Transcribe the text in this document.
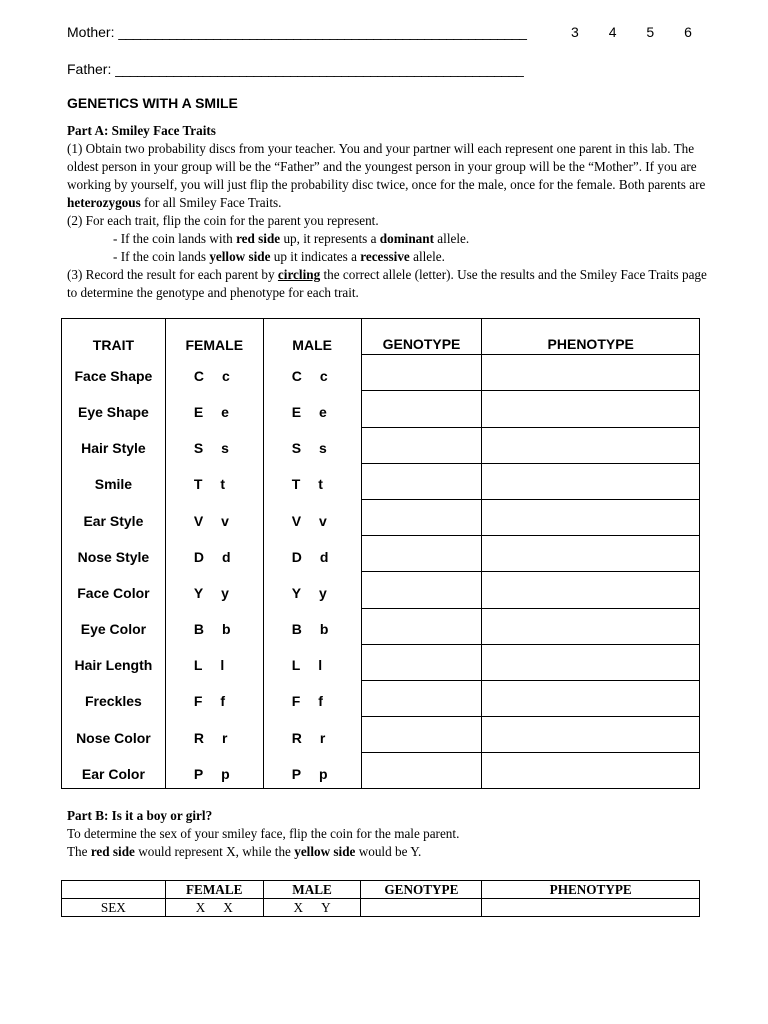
Mother: ________________________________________________________	3 4 5 6
Father: ________________________________________________________
GENETICS WITH A SMILE

Part A: Smiley Face Traits

(1) Obtain two probability discs from your teacher. You and your partner will each represent one parent in this lab. The oldest person in your group will be the “Father” and the youngest person in your group will be the “Mother”. If you are working by yourself, you will just flip the probability disc twice, once for the male, once for the female. Both parents are heterozygous for all Smiley Face Traits.

(2) For each trait, flip the coin for the parent you represent.

- If the coin lands with red side up, it represents a dominant allele.

- If the coin lands yellow side up it indicates a recessive allele.

(3) Record the result for each parent by circling the correct allele (letter). Use the results and the Smiley Face Traits page to determine the genotype and phenotype for each trait.

TRAIT	FEMALE	MALE	GENOTYPE	PHENOTYPE
Face Shape	C c	C c		
Eye Shape	E e	E e		
Hair Style	S s	S s		
Smile	T t	T t		
Ear Style	V v	V v		
Nose Style	D d	D d		
Face Color	Y y	Y y		
Eye Color	B b	B b		
Hair Length	L l	L l		
Freckles	F f	F f		
Nose Color	R r	R r		
Ear Color	P p	P p		

Part B: Is it a boy or girl?

To determine the sex of your smiley face, flip the coin for the male parent.

The red side would represent X, while the yellow side would be Y.

	FEMALE	MALE	GENOTYPE	PHENOTYPE
SEX	X X	X Y		
